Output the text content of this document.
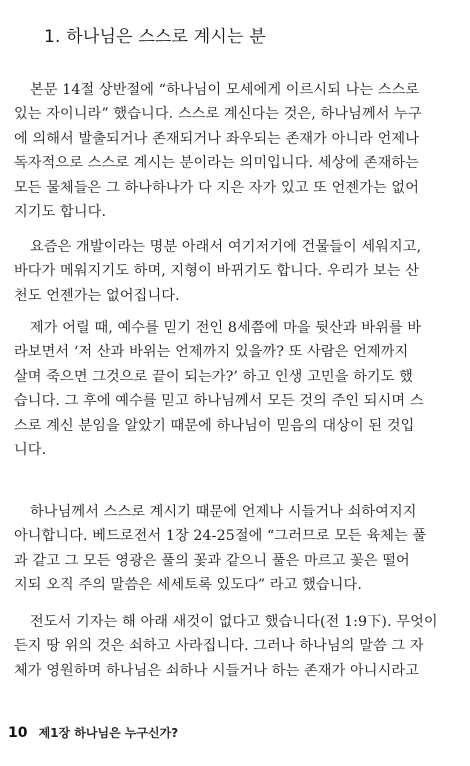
1. 하나님은 스스로 계시는 분
본문 14절 상반절에 “하나님이 모세에게 이르시되 나는 스스로
있는 자이니라” 했습니다. 스스로 계신다는 것은, 하나님께서 누구
에 의해서 발출되거나 존재되거나 좌우되는 존재가 아니라 언제나
독자적으로 스스로 계시는 분이라는 의미입니다. 세상에 존재하는
모든 물체들은 그 하나하나가 다 지은 자가 있고 또 언젠가는 없어
지기도 합니다.
요즘은 개발이라는 명분 아래서 여기저기에 건물들이 세워지고,
바다가 메워지기도 하며, 지형이 바뀌기도 합니다. 우리가 보는 산
천도 언젠가는 없어집니다.
제가 어릴 때, 예수를 믿기 전인 8세쯤에 마을 뒷산과 바위를 바
라보면서 ‘저 산과 바위는 언제까지 있을까? 또 사람은 언제까지
살며 죽으면 그것으로 끝이 되는가?’ 하고 인생 고민을 하기도 했
습니다. 그 후에 예수를 믿고 하나님께서 모든 것의 주인 되시며 스
스로 계신 분임을 알았기 때문에 하나님이 믿음의 대상이 된 것입
니다.
하나님께서 스스로 계시기 때문에 언제나 시들거나 쇠하여지지
아니합니다. 베드로전서 1장 24-25절에 “그러므로 모든 육체는 풀
과 같고 그 모든 영광은 풀의 꽃과 같으니 풀은 마르고 꽃은 떨어
지되 오직 주의 말씀은 세세토록 있도다” 라고 했습니다.
전도서 기자는 해 아래 새것이 없다고 했습니다(전 1:9下). 무엇이
든지 땅 위의 것은 쇠하고 사라집니다. 그러나 하나님의 말씀 그 자
체가 영원하며 하나님은 쇠하나 시들거나 하는 존재가 아니시라고
10 제1장 하나님은 누구신가?
